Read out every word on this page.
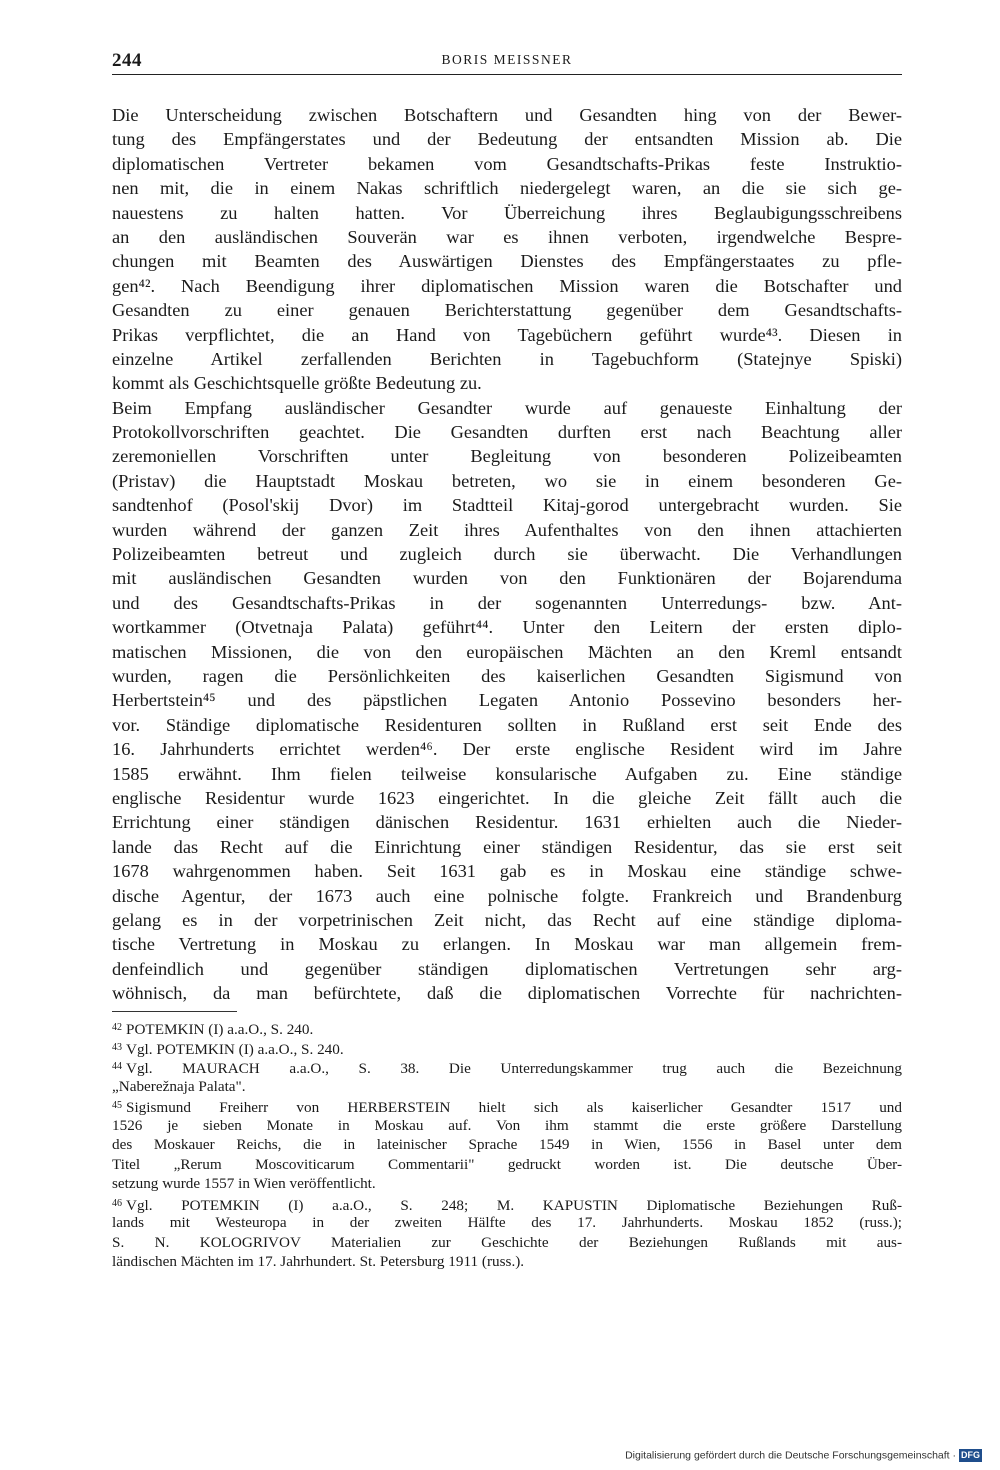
244	BORIS MEISSNER
Die Unterscheidung zwischen Botschaftern und Gesandten hing von der Bewer-
tung des Empfängerstates und der Bedeutung der entsandten Mission ab. Die
diplomatischen Vertreter bekamen vom Gesandtschafts-Prikas feste Instruktio-
nen mit, die in einem Nakas schriftlich niedergelegt waren, an die sie sich ge-
nauestens zu halten hatten. Vor Überreichung ihres Beglaubigungsschreibens
an den ausländischen Souverän war es ihnen verboten, irgendwelche Bespre-
chungen mit Beamten des Auswärtigen Dienstes des Empfängerstaates zu pfle-
gen⁴². Nach Beendigung ihrer diplomatischen Mission waren die Botschafter und
Gesandten zu einer genauen Berichterstattung gegenüber dem Gesandtschafts-
Prikas verpflichtet, die an Hand von Tagebüchern geführt wurde⁴³. Diesen in
einzelne Artikel zerfallenden Berichten in Tagebuchform (Statejnye Spiski)
kommt als Geschichtsquelle größte Bedeutung zu.
Beim Empfang ausländischer Gesandter wurde auf genaueste Einhaltung der
Protokollvorschriften geachtet. Die Gesandten durften erst nach Beachtung aller
zeremoniellen Vorschriften unter Begleitung von besonderen Polizeibeamten
(Pristav) die Hauptstadt Moskau betreten, wo sie in einem besonderen Ge-
sandtenhof (Posol'skij Dvor) im Stadtteil Kitaj-gorod untergebracht wurden. Sie
wurden während der ganzen Zeit ihres Aufenthaltes von den ihnen attachierten
Polizeibeamten betreut und zugleich durch sie überwacht. Die Verhandlungen
mit ausländischen Gesandten wurden von den Funktionären der Bojarenduma
und des Gesandtschafts-Prikas in der sogenannten Unterredungs- bzw. Ant-
wortkammer (Otvetnaja Palata) geführt⁴⁴. Unter den Leitern der ersten diplo-
matischen Missionen, die von den europäischen Mächten an den Kreml entsandt
wurden, ragen die Persönlichkeiten des kaiserlichen Gesandten Sigismund von
Herbertstein⁴⁵ und des päpstlichen Legaten Antonio Possevino besonders her-
vor. Ständige diplomatische Residenturen sollten in Rußland erst seit Ende des
16. Jahrhunderts errichtet werden⁴⁶. Der erste englische Resident wird im Jahre
1585 erwähnt. Ihm fielen teilweise konsularische Aufgaben zu. Eine ständige
englische Residentur wurde 1623 eingerichtet. In die gleiche Zeit fällt auch die
Errichtung einer ständigen dänischen Residentur. 1631 erhielten auch die Nieder-
lande das Recht auf die Einrichtung einer ständigen Residentur, das sie erst seit
1678 wahrgenommen haben. Seit 1631 gab es in Moskau eine ständige schwe-
dische Agentur, der 1673 auch eine polnische folgte. Frankreich und Brandenburg
gelang es in der vorpetrinischen Zeit nicht, das Recht auf eine ständige diploma-
tische Vertretung in Moskau zu erlangen. In Moskau war man allgemein frem-
denfeindlich und gegenüber ständigen diplomatischen Vertretungen sehr arg-
wöhnisch, da man befürchtete, daß die diplomatischen Vorrechte für nachrichten-
$^{42}$ POTEMKIN (I) a.a.O., S. 240.
$^{43}$ Vgl. POTEMKIN (I) a.a.O., S. 240.
$^{44}$ Vgl. MAURACH a.a.O., S. 38. Die Unterredungskammer trug auch die Bezeichnung
„Naberežnaja Palata".
$^{45}$ Sigismund Freiherr von HERBERSTEIN hielt sich als kaiserlicher Gesandter 1517 und
1526 je sieben Monate in Moskau auf. Von ihm stammt die erste größere Darstellung
des Moskauer Reichs, die in lateinischer Sprache 1549 in Wien, 1556 in Basel unter dem
Titel „Rerum Moscoviticarum Commentarii" gedruckt worden ist. Die deutsche Über-
setzung wurde 1557 in Wien veröffentlicht.
$^{46}$ Vgl. POTEMKIN (I) a.a.O., S. 248; M. KAPUSTIN Diplomatische Beziehungen Ruß-
lands mit Westeuropa in der zweiten Hälfte des 17. Jahrhunderts. Moskau 1852 (russ.);
S. N. KOLOGRIVOV Materialien zur Geschichte der Beziehungen Rußlands mit aus-
ländischen Mächten im 17. Jahrhundert. St. Petersburg 1911 (russ.).
Digitalisierung gefördert durch die Deutsche Forschungsgemeinschaft · DFG
